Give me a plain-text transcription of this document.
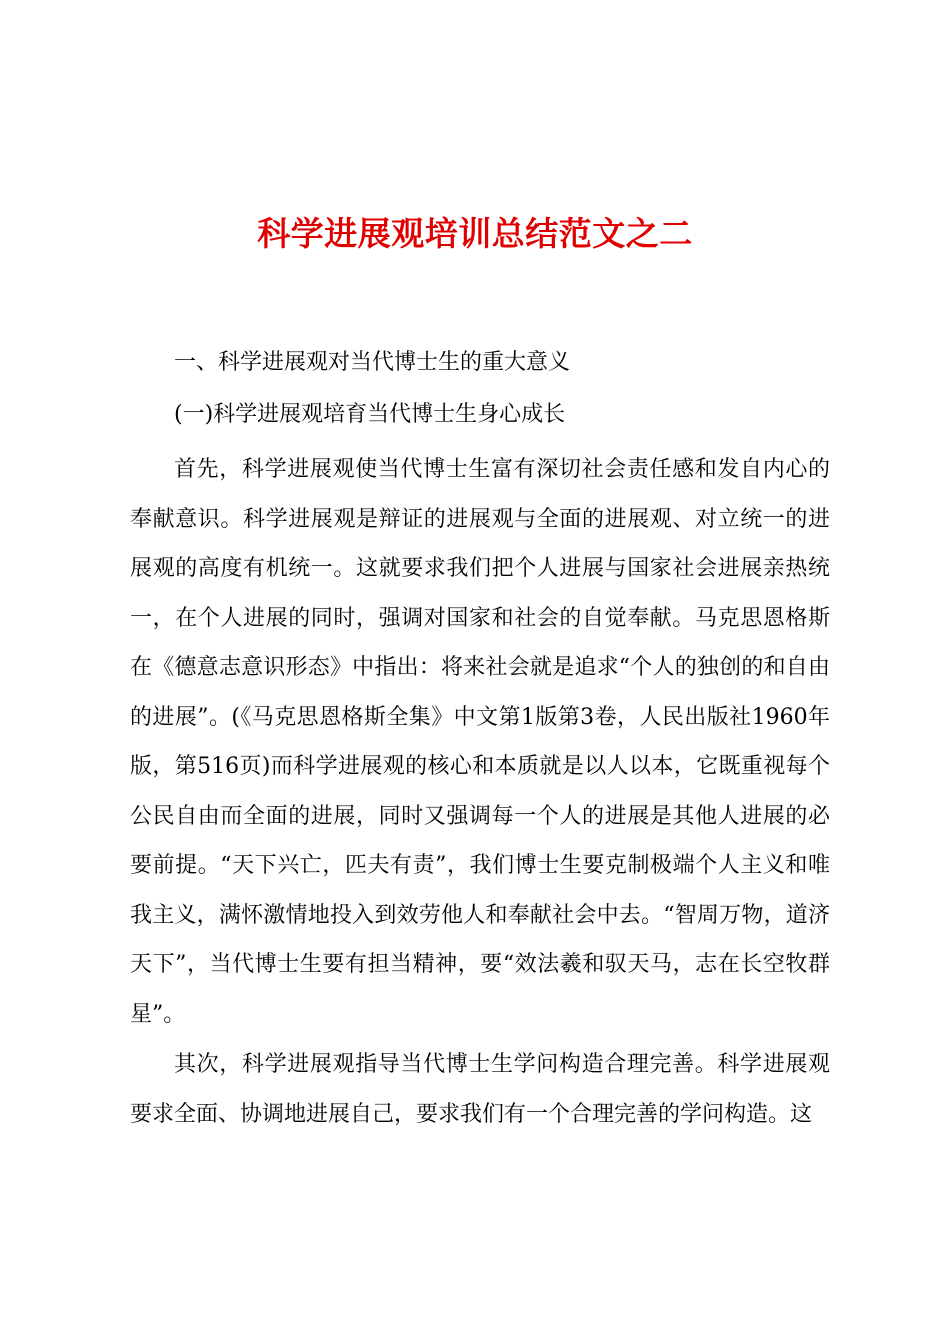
科学进展观培训总结范文之二
一、科学进展观对当代博士生的重大意义
(一)科学进展观培育当代博士生身心成长
首先，科学进展观使当代博士生富有深切社会责任感和发自内心的奉献意识。科学进展观是辩证的进展观与全面的进展观、对立统一的进展观的高度有机统一。这就要求我们把个人进展与国家社会进展亲热统一，在个人进展的同时，强调对国家和社会的自觉奉献。马克思恩格斯在《德意志意识形态》中指出：将来社会就是追求“个人的独创的和自由的进展”。(《马克思恩格斯全集》中文第1版第3卷，人民出版社1960年版，第516页)而科学进展观的核心和本质就是以人以本，它既重视每个公民自由而全面的进展，同时又强调每一个人的进展是其他人进展的必要前提。“天下兴亡，匹夫有责”，我们博士生要克制极端个人主义和唯我主义，满怀激情地投入到效劳他人和奉献社会中去。“智周万物，道济天下”，当代博士生要有担当精神，要“效法羲和驭天马，志在长空牧群星”。
其次，科学进展观指导当代博士生学问构造合理完善。科学进展观要求全面、协调地进展自己，要求我们有一个合理完善的学问构造。这
